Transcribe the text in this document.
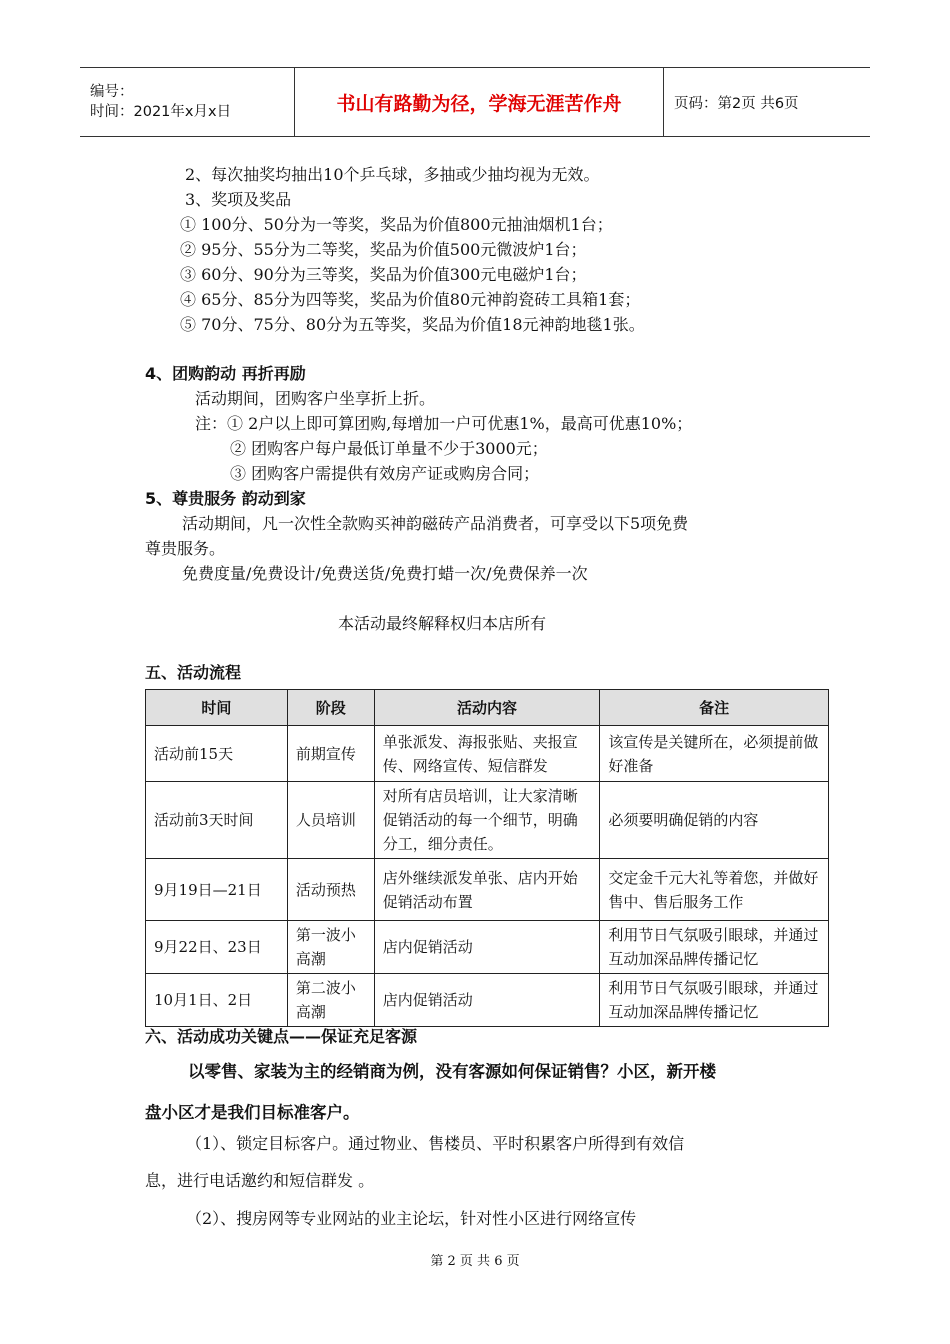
编号：
时间：2021年x月x日	书山有路勤为径，学海无涯苦作舟	页码：第2页 共6页
2、每次抽奖均抽出10个乒乓球，多抽或少抽均视为无效。
3、奖项及奖品
① 100分、50分为一等奖，奖品为价值800元抽油烟机1台；
② 95分、55分为二等奖，奖品为价值500元微波炉1台；
③ 60分、90分为三等奖，奖品为价值300元电磁炉1台；
④ 65分、85分为四等奖，奖品为价值80元神韵瓷砖工具箱1套；
⑤ 70分、75分、80分为五等奖，奖品为价值18元神韵地毯1张。
4、团购韵动 再折再励
活动期间，团购客户坐享折上折。
注：① 2户以上即可算团购,每增加一户可优惠1%，最高可优惠10%；
② 团购客户每户最低订单量不少于3000元；
③ 团购客户需提供有效房产证或购房合同；
5、尊贵服务 韵动到家
活动期间，凡一次性全款购买神韵磁砖产品消费者，可享受以下5项免费
尊贵服务。
免费度量/免费设计/免费送货/免费打蜡一次/免费保养一次
本活动最终解释权归本店所有
五、活动流程
时间	阶段	活动内容	备注
活动前15天	前期宣传	单张派发、海报张贴、夹报宣传、网络宣传、短信群发	该宣传是关键所在，必须提前做好准备
活动前3天时间	人员培训	对所有店员培训，让大家清晰促销活动的每一个细节，明确分工，细分责任。	必须要明确促销的内容
9月19日—21日	活动预热	店外继续派发单张、店内开始促销活动布置	交定金千元大礼等着您，并做好售中、售后服务工作
9月22日、23日	第一波小高潮	店内促销活动	利用节日气氛吸引眼球，并通过互动加深品牌传播记忆
10月1日、2日	第二波小高潮	店内促销活动	利用节日气氛吸引眼球，并通过互动加深品牌传播记忆
六、活动成功关键点——保证充足客源
以零售、家装为主的经销商为例，没有客源如何保证销售？小区，新开楼
盘小区才是我们目标准客户。
（1）、锁定目标客户。通过物业、售楼员、平时积累客户所得到有效信
息，进行电话邀约和短信群发 。
（2）、搜房网等专业网站的业主论坛，针对性小区进行网络宣传
第 2 页 共 6 页
